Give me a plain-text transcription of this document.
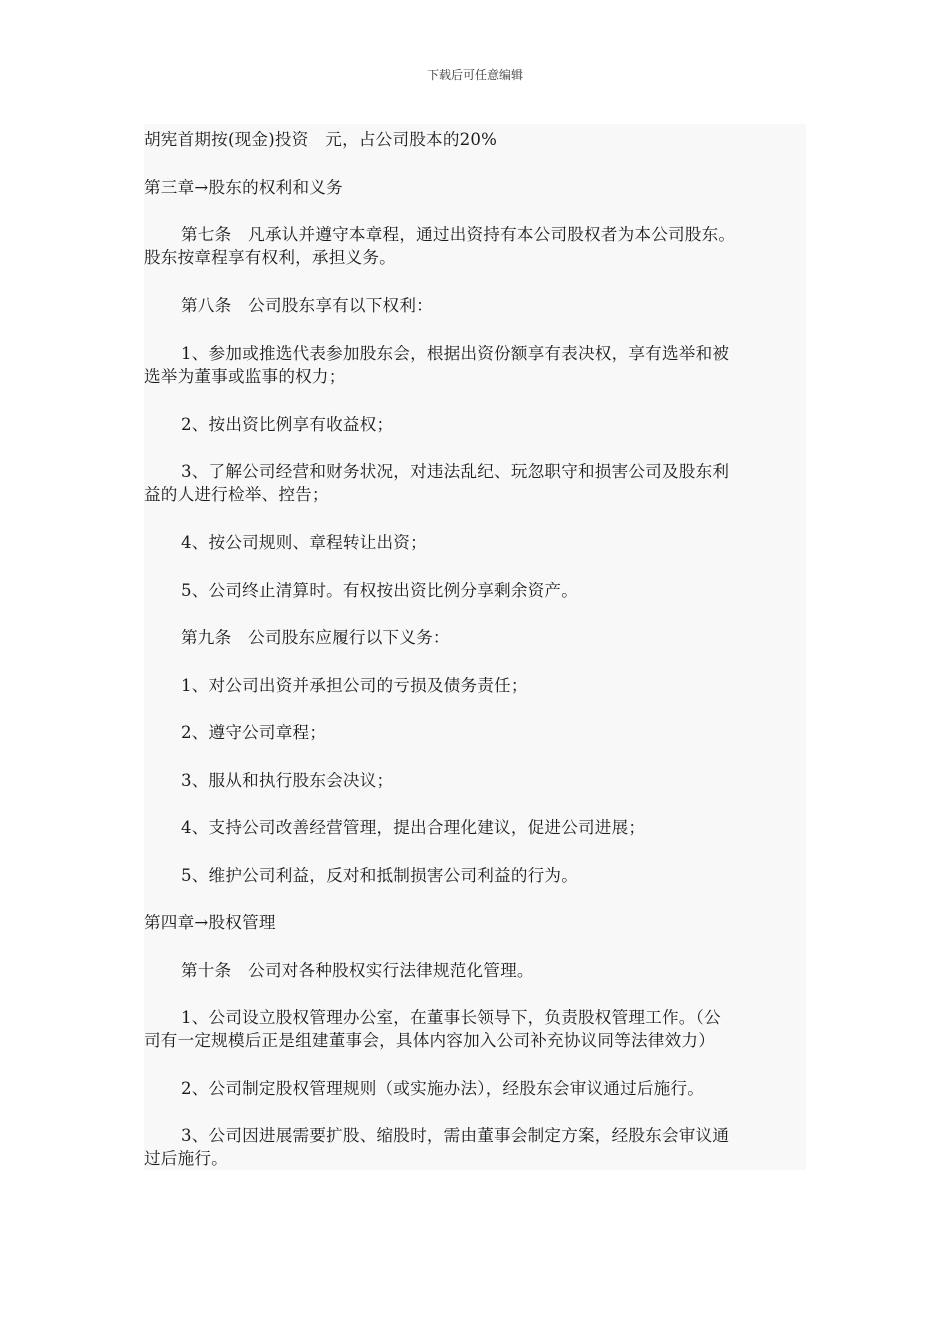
下载后可任意编辑
胡宪首期按(现金)投资　元，占公司股本的20%
第三章→股东的权利和义务
第七条　凡承认并遵守本章程，通过出资持有本公司股权者为本公司股东。
股东按章程享有权利，承担义务。
第八条　公司股东享有以下权利：
1、参加或推选代表参加股东会，根据出资份额享有表决权，享有选举和被
选举为董事或监事的权力；
2、按出资比例享有收益权；
3、了解公司经营和财务状况，对违法乱纪、玩忽职守和损害公司及股东利
益的人进行检举、控告；
4、按公司规则、章程转让出资；
5、公司终止清算时。有权按出资比例分享剩余资产。
第九条　公司股东应履行以下义务：
1、对公司出资并承担公司的亏损及债务责任；
2、遵守公司章程；
3、服从和执行股东会决议；
4、支持公司改善经营管理，提出合理化建议，促进公司进展；
5、维护公司利益，反对和抵制损害公司利益的行为。
第四章→股权管理
第十条　公司对各种股权实行法律规范化管理。
1、公司设立股权管理办公室，在董事长领导下，负责股权管理工作。（公
司有一定规模后正是组建董事会，具体内容加入公司补充协议同等法律效力）
2、公司制定股权管理规则（或实施办法），经股东会审议通过后施行。
3、公司因进展需要扩股、缩股时，需由董事会制定方案，经股东会审议通
过后施行。
